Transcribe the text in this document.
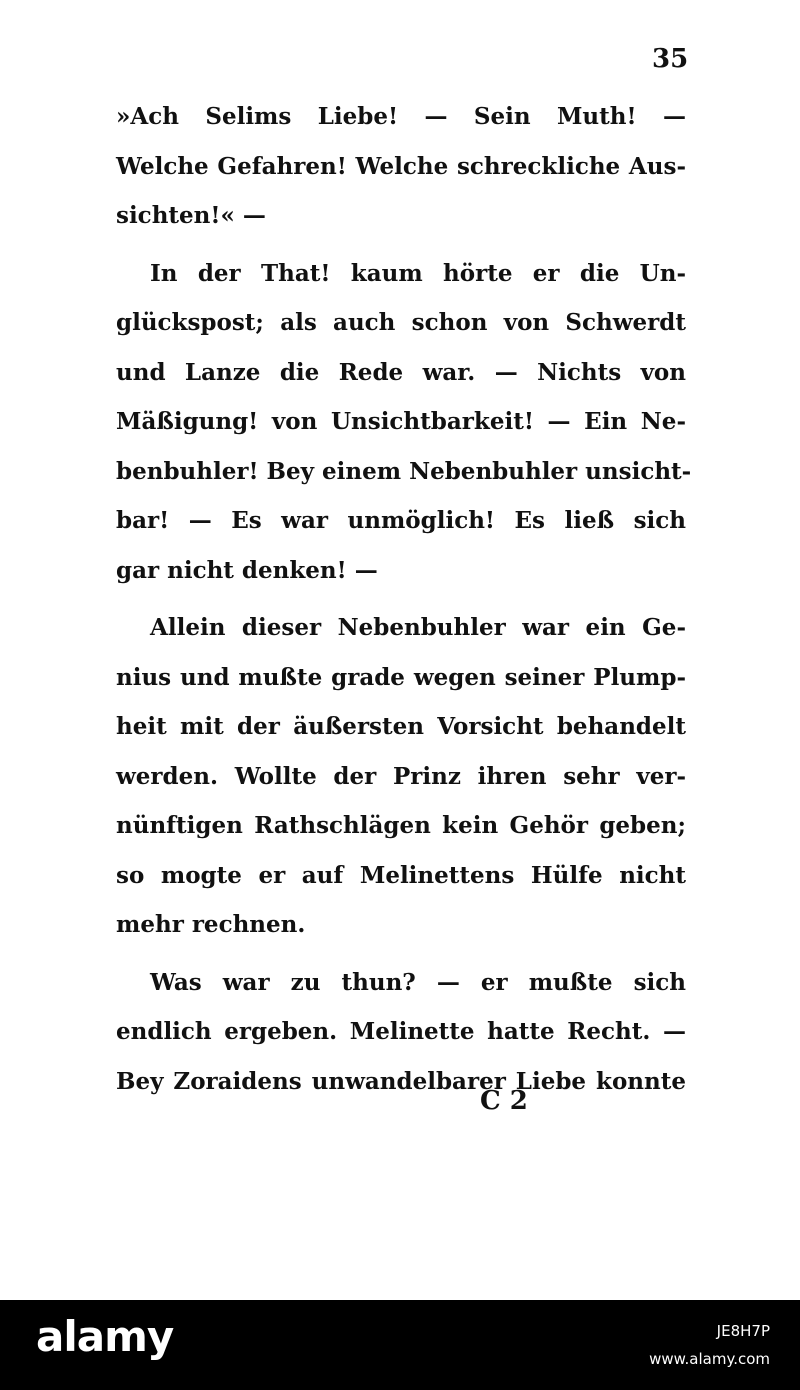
35
»Ach Selims Liebe! — Sein Muth! —
Welche Gefahren! Welche schreckliche Aus-
sichten!« —
In der That! kaum hörte er die Un-
glückspost; als auch schon von Schwerdt
und Lanze die Rede war. — Nichts von
Mäßigung! von Unsichtbarkeit! — Ein Ne-
benbuhler! Bey einem Nebenbuhler unsicht-
bar! — Es war unmöglich! Es ließ sich
gar nicht denken! —
Allein dieser Nebenbuhler war ein Ge-
nius und mußte grade wegen seiner Plump-
heit mit der äußersten Vorsicht behandelt
werden. Wollte der Prinz ihren sehr ver-
nünftigen Rathschlägen kein Gehör geben;
so mogte er auf Melinettens Hülfe nicht
mehr rechnen.
Was war zu thun? — er mußte sich
endlich ergeben. Melinette hatte Recht. —
Bey Zoraidens unwandelbarer Liebe konnte
C 2
alamy	JE8H7P
www.alamy.com
